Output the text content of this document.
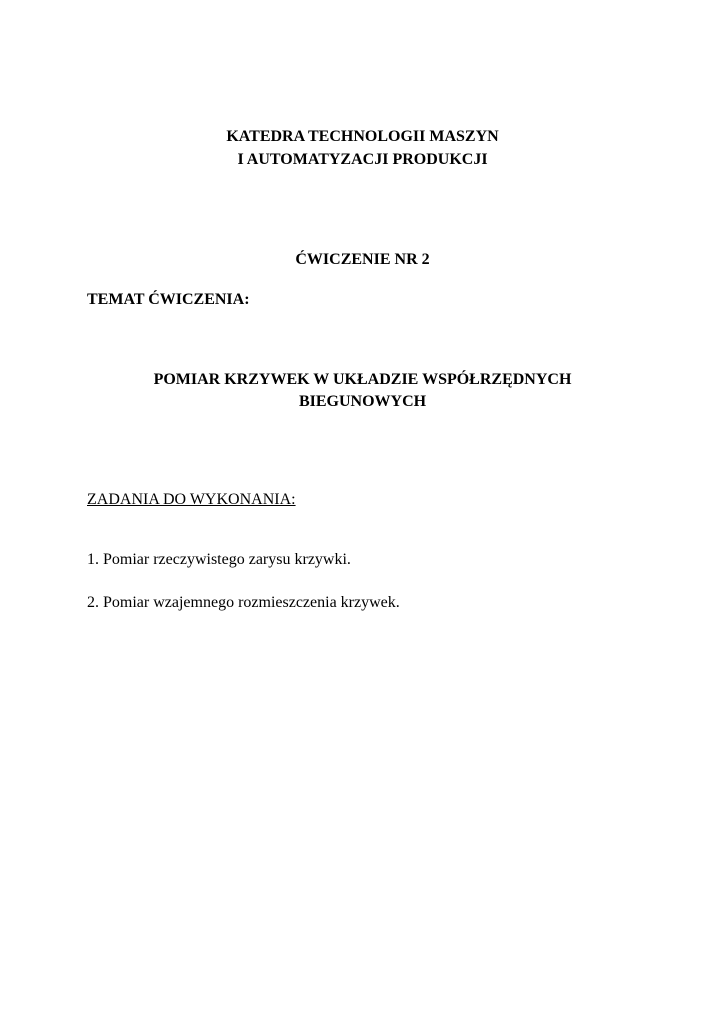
KATEDRA TECHNOLOGII MASZYN
I AUTOMATYZACJI PRODUKCJI
ĆWICZENIE NR 2
TEMAT ĆWICZENIA:
POMIAR KRZYWEK W UKŁADZIE WSPÓŁRZĘDNYCH
BIEGUNOWYCH
ZADANIA DO WYKONANIA:
1. Pomiar rzeczywistego zarysu krzywki.
2. Pomiar wzajemnego rozmieszczenia krzywek.
